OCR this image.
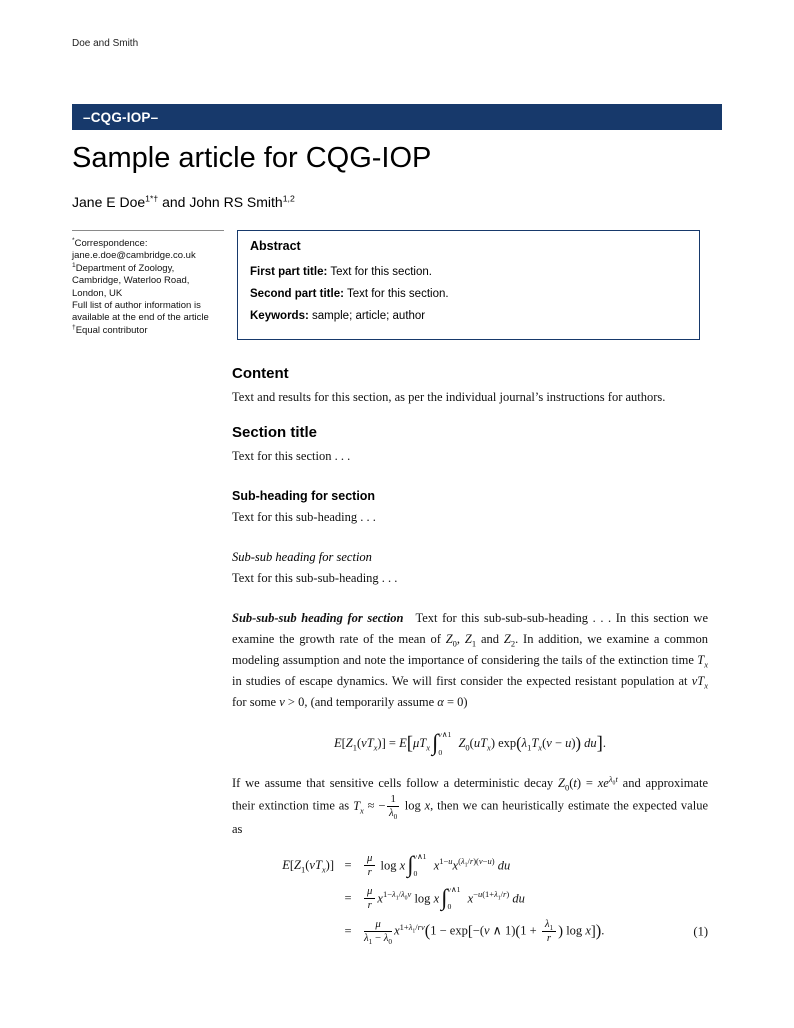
Doe and Smith
–CQG-IOP–
Sample article for CQG-IOP
Jane E Doe$^{1*\dagger}$ and John RS Smith$^{1,2}$
*Correspondence:
jane.e.doe@cambridge.co.uk
$^1$Department of Zoology,
Cambridge, Waterloo Road,
London, UK
Full list of author information is
available at the end of the article
†Equal contributor
Abstract
First part title: Text for this section.
Second part title: Text for this section.
Keywords: sample; article; author
Content

Text and results for this section, as per the individual journal’s instructions for authors.

Section title

Text for this section . . .

Sub-heading for section

Text for this sub-heading . . .

Sub-sub heading for section

Text for this sub-sub-heading . . .

Sub-sub-sub heading for section Text for this sub-sub-sub-heading . . . In this section we examine the growth rate of the mean of $Z_0$, $Z_1$ and $Z_2$. In addition, we examine a common modeling assumption and note the importance of considering the tails of the extinction time $T_x$ in studies of escape dynamics. We will first consider the expected resistant population at $vT_x$ for some v > 0, (and temporarily assume α = 0)

$E[Z_1(vT_x)] = E[\mu T_x\int$ v∧1
0
$Z_0(uT_x) \exp(\lambda_1T_x(v - u))$ du].

If we assume that sensitive cells follow a deterministic decay $Z_0(t) = xe^{\lambda_0t}$ and approximate their extinction time as $T_x$ ≈ − $\frac{1}{\lambda_0}$ log x, then we can heuristically estimate the expected value as

$E[Z_1(vT_x)]$ =	$\frac{\mu}{r}$ log x∫ v∧1
0
$x^{1-u}x^{(\lambda_1/r)(v-u)}$ du
=	$\frac{\mu}{r} x^{1-\lambda_1/\lambda_0v}$ log x∫ v∧1
0
$x^{-u(1+\lambda_1/r)}$ du
=	$\frac{\mu}{\lambda_1 - \lambda_0} x^{1+\lambda_1/rv}(1 - \exp[-(v$ ∧ $1)(1 + \frac{\lambda_1}{r}$ ) log x]).	(1)
